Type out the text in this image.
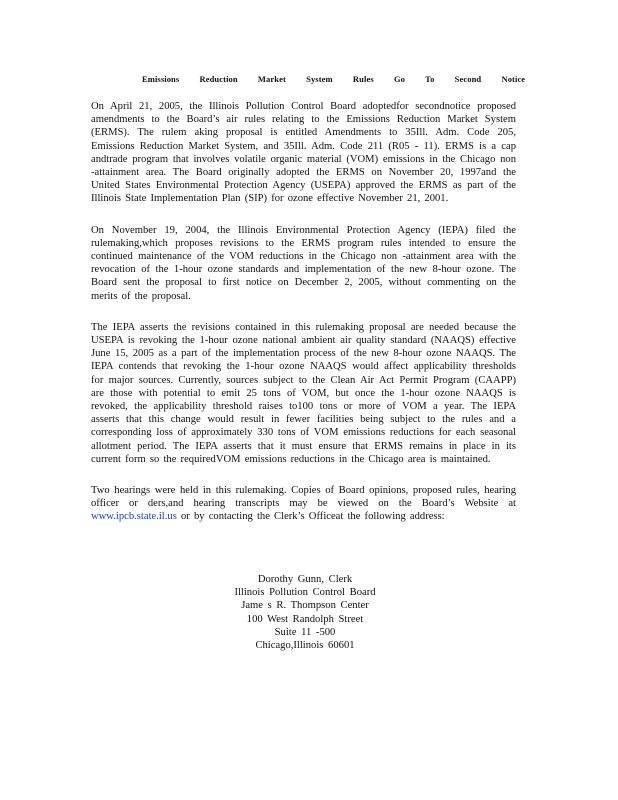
Emissions Reduction Market System Rules Go To Second Notice

On April 21, 2005, the Illinois Pollution Control Board adoptedfor secondnotice proposed amendments to the Board’s air rules relating to the Emissions Reduction Market System (ERMS). The rulem aking proposal is entitled Amendments to 35Ill. Adm. Code 205, Emissions Reduction Market System, and 35Ill. Adm. Code 211 (R05 - 11). ERMS is a cap andtrade program that involves volatile organic material (VOM) emissions in the Chicago non -attainment area. The Board originally adopted the ERMS on November 20, 1997and the United States Environmental Protection Agency (USEPA) approved the ERMS as part of the Illinois State Implementation Plan (SIP) for ozone effective November 21, 2001.

On November 19, 2004, the Illinois Environmental Protection Agency (IEPA) filed the rulemaking,which proposes revisions to the ERMS program rules intended to ensure the continued maintenance of the VOM reductions in the Chicago non -attainment area with the revocation of the 1-hour ozone standards and implementation of the new 8-hour ozone. The Board sent the proposal to first notice on December 2, 2005, without commenting on the merits of the proposal.

The IEPA asserts the revisions contained in this rulemaking proposal are needed because the USEPA is revoking the 1-hour ozone national ambient air quality standard (NAAQS) effective June 15, 2005 as a part of the implementation process of the new 8-hour ozone NAAQS. The IEPA contends that revoking the 1-hour ozone NAAQS would affect applicability thresholds for major sources. Currently, sources subject to the Clean Air Act Permit Program (CAAPP) are those with potential to emit 25 tons of VOM, but once the 1-hour ozone NAAQS is revoked, the applicability threshold raises to100 tons or more of VOM a year. The IEPA asserts that this change would result in fewer facilities being subject to the rules and a corresponding loss of approximately 330 tons of VOM emissions reductions for each seasonal allotment period. The IEPA asserts that it must ensure that ERMS remains in place in its current form so the requiredVOM emissions reductions in the Chicago area is maintained.

Two hearings were held in this rulemaking. Copies of Board opinions, proposed rules, hearing officer or ders,and hearing transcripts may be viewed on the Board’s Website at www.ipcb.state.il.us or by contacting the Clerk’s Officeat the following address:

Dorothy Gunn, Clerk
Illinois Pollution Control Board
Jame s R. Thompson Center
100 West Randolph Street
Suite 11 -500
Chicago,Illinois 60601
